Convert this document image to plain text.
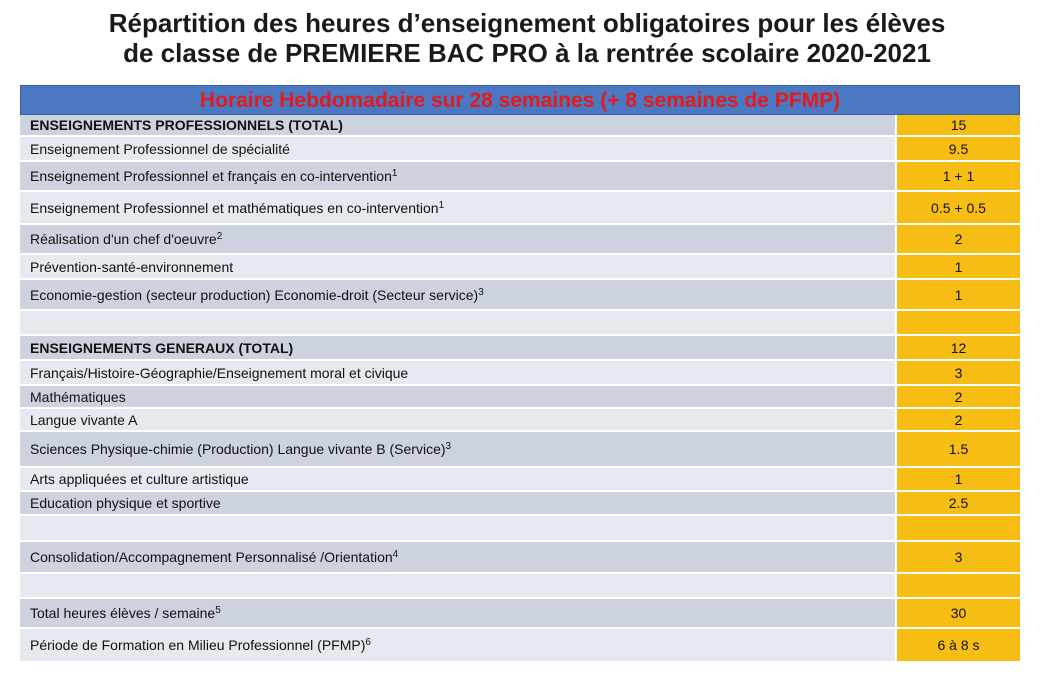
Répartition des heures d’enseignement obligatoires pour les élèves
de classe de PREMIERE BAC PRO à la rentrée scolaire 2020-2021
Horaire Hebdomadaire sur 28 semaines (+ 8 semaines de PFMP)
ENSEIGNEMENTS PROFESSIONNELS (TOTAL)	15
Enseignement Professionnel de spécialité	9.5
Enseignement Professionnel et français en co-intervention$^1$	1 + 1
Enseignement Professionnel et mathématiques en co-intervention$^1$	0.5 + 0.5
Réalisation d'un chef d'oeuvre$^2$	2
Prévention-santé-environnement	1
Economie-gestion (secteur production) Economie-droit (Secteur service)$^3$	1
ENSEIGNEMENTS GENERAUX (TOTAL)	12
Français/Histoire-Géographie/Enseignement moral et civique	3
Mathématiques	2
Langue vivante A	2
Sciences Physique-chimie (Production) Langue vivante B (Service)$^3$	1.5
Arts appliquées et culture artistique	1
Education physique et sportive	2.5
Consolidation/Accompagnement Personnalisé /Orientation$^4$	3
Total heures élèves / semaine$^5$	30
Période de Formation en Milieu Professionnel (PFMP)$^6$	6 à 8 s
